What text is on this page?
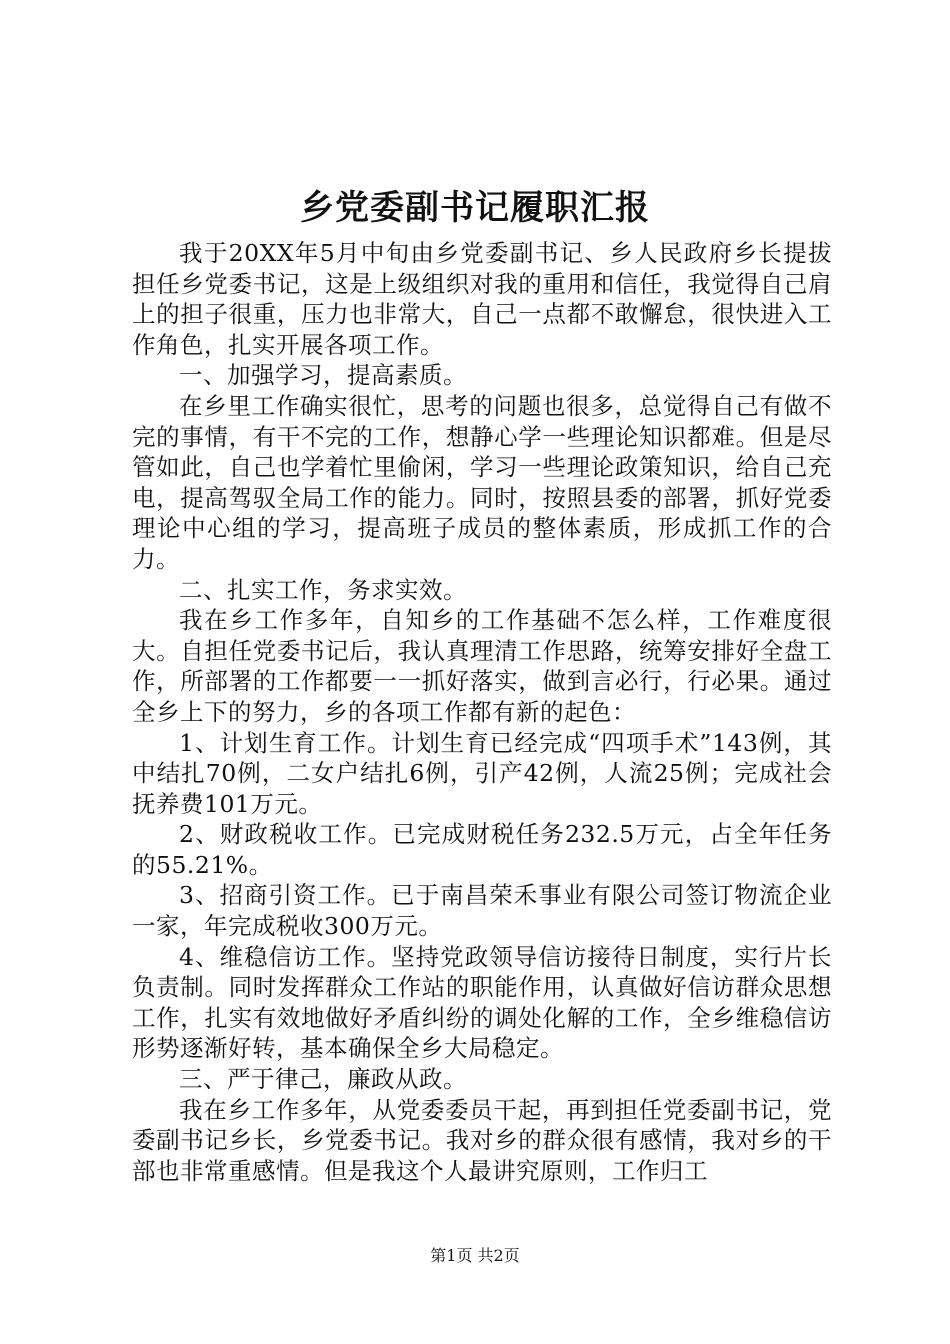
乡党委副书记履职汇报

我于20XX年5月中旬由乡党委副书记、乡人民政府乡长提拔担任乡党委书记，这是上级组织对我的重用和信任，我觉得自己肩上的担子很重，压力也非常大，自己一点都不敢懈怠，很快进入工作角色，扎实开展各项工作。

一、加强学习，提高素质。

在乡里工作确实很忙，思考的问题也很多，总觉得自己有做不完的事情，有干不完的工作，想静心学一些理论知识都难。但是尽管如此，自己也学着忙里偷闲，学习一些理论政策知识，给自己充电，提高驾驭全局工作的能力。同时，按照县委的部署，抓好党委理论中心组的学习，提高班子成员的整体素质，形成抓工作的合力。

二、扎实工作，务求实效。

我在乡工作多年，自知乡的工作基础不怎么样，工作难度很大。自担任党委书记后，我认真理清工作思路，统筹安排好全盘工作，所部署的工作都要一一抓好落实，做到言必行，行必果。通过全乡上下的努力，乡的各项工作都有新的起色：

1、计划生育工作。计划生育已经完成“四项手术”143例，其中结扎70例，二女户结扎6例，引产42例，人流25例；完成社会抚养费101万元。

2、财政税收工作。已完成财税任务232.5万元，占全年任务的55.21%。

3、招商引资工作。已于南昌荣禾事业有限公司签订物流企业一家，年完成税收300万元。

4、维稳信访工作。坚持党政领导信访接待日制度，实行片长负责制。同时发挥群众工作站的职能作用，认真做好信访群众思想工作，扎实有效地做好矛盾纠纷的调处化解的工作，全乡维稳信访形势逐渐好转，基本确保全乡大局稳定。

三、严于律己，廉政从政。

我在乡工作多年，从党委委员干起，再到担任党委副书记，党委副书记乡长，乡党委书记。我对乡的群众很有感情，我对乡的干部也非常重感情。但是我这个人最讲究原则，工作归工

第1页 共2页
